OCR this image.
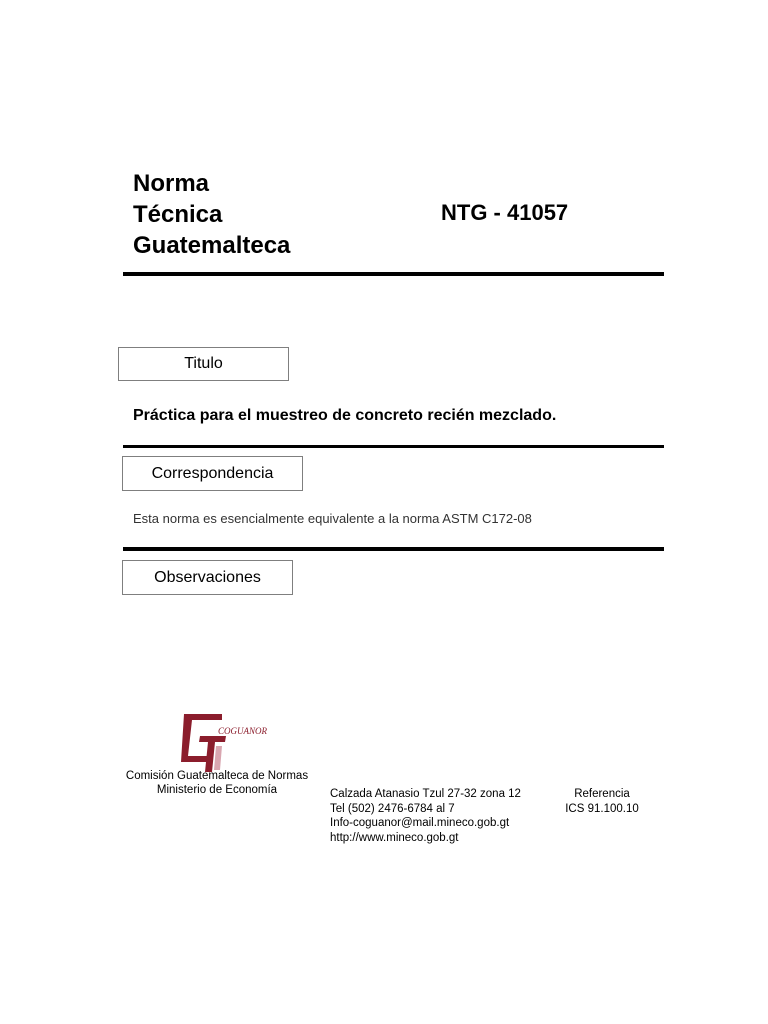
Norma
Técnica
Guatemalteca
NTG - 41057
Titulo
Práctica para el muestreo de concreto recién mezclado.
Correspondencia
Esta norma es esencialmente equivalente a la norma ASTM C172-08
Observaciones
COGUANOR
Comisión Guatemalteca de Normas
Ministerio de Economía	Calzada Atanasio Tzul 27-32 zona 12
Tel (502) 2476-6784 al 7
Info-coguanor@mail.mineco.gob.gt
http://www.mineco.gob.gt
Referencia
ICS 91.100.10
